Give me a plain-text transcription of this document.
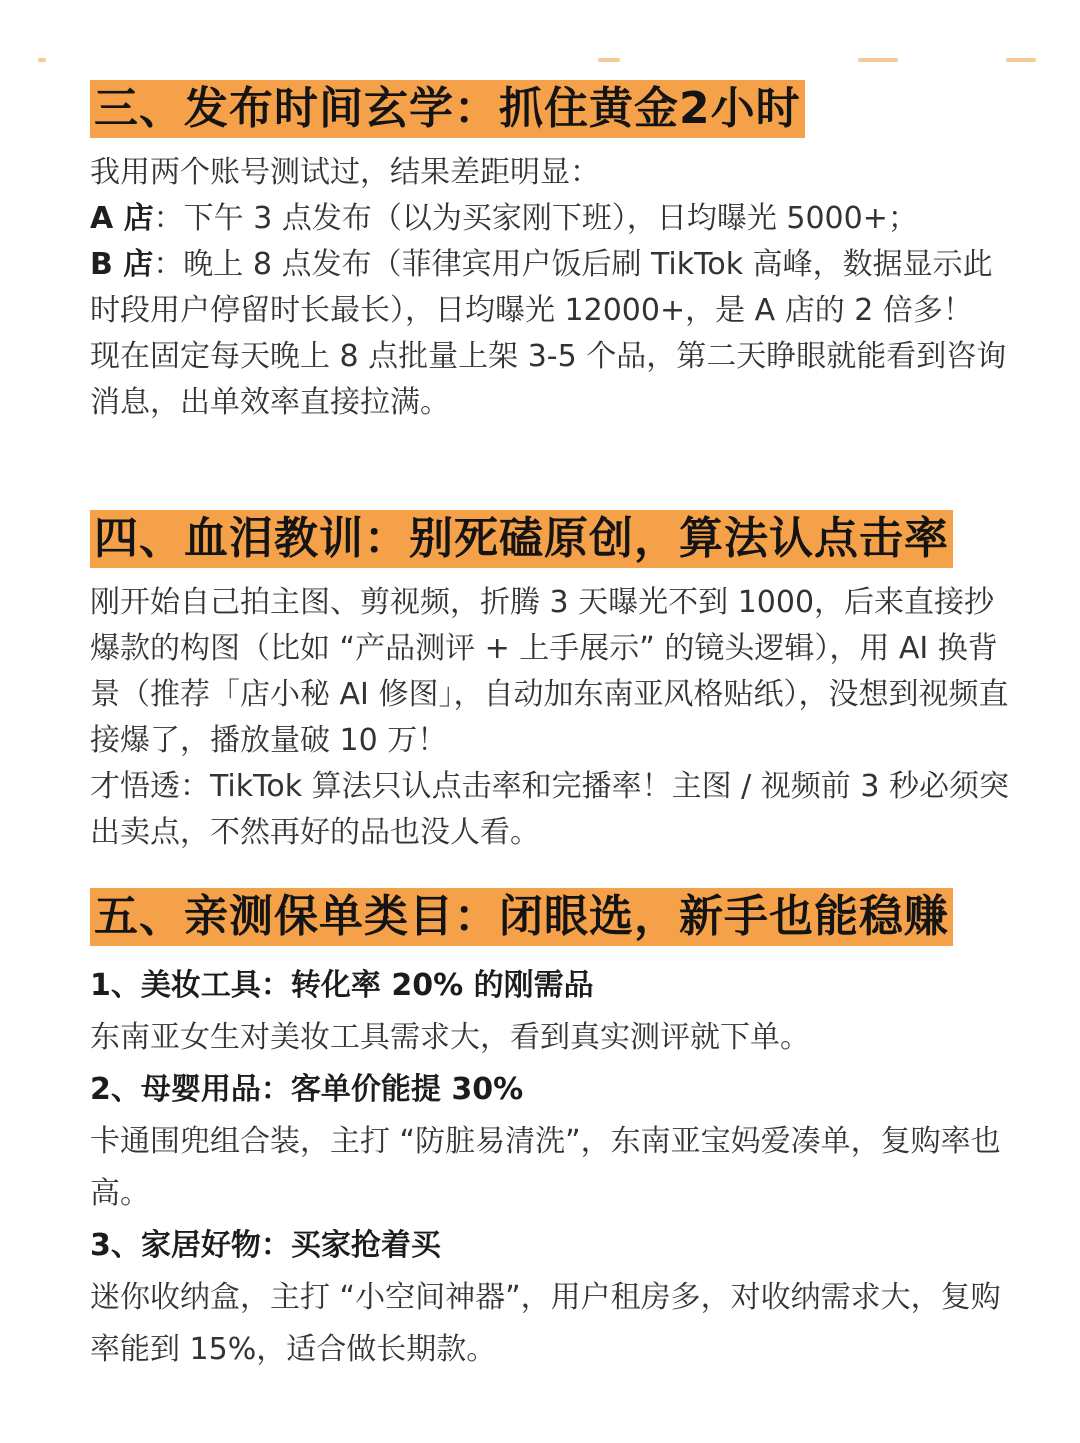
三、发布时间玄学：抓住黄金2小时

我用两个账号测试过，结果差距明显：

A 店：下午 3 点发布（以为买家刚下班），日均曝光 5000+；

B 店：晚上 8 点发布（菲律宾用户饭后刷 TikTok 高峰，数据显示此时段用户停留时长最长），日均曝光 12000+，是 A 店的 2 倍多！

现在固定每天晚上 8 点批量上架 3-5 个品，第二天睁眼就能看到咨询消息，出单效率直接拉满。

四、血泪教训：别死磕原创，算法认点击率

刚开始自己拍主图、剪视频，折腾 3 天曝光不到 1000，后来直接抄爆款的构图（比如 “产品测评 + 上手展示” 的镜头逻辑），用 AI 换背景（推荐「店小秘 AI 修图」，自动加东南亚风格贴纸），没想到视频直接爆了，播放量破 10 万！

才悟透：TikTok 算法只认点击率和完播率！主图 / 视频前 3 秒必须突出卖点，不然再好的品也没人看。

五、亲测保单类目：闭眼选，新手也能稳赚

1、美妆工具：转化率 20% 的刚需品

东南亚女生对美妆工具需求大，看到真实测评就下单。

2、母婴用品：客单价能提 30%

卡通围兜组合装，主打 “防脏易清洗”，东南亚宝妈爱凑单，复购率也高。

3、家居好物：买家抢着买

迷你收纳盒，主打 “小空间神器”，用户租房多，对收纳需求大，复购率能到 15%，适合做长期款。
